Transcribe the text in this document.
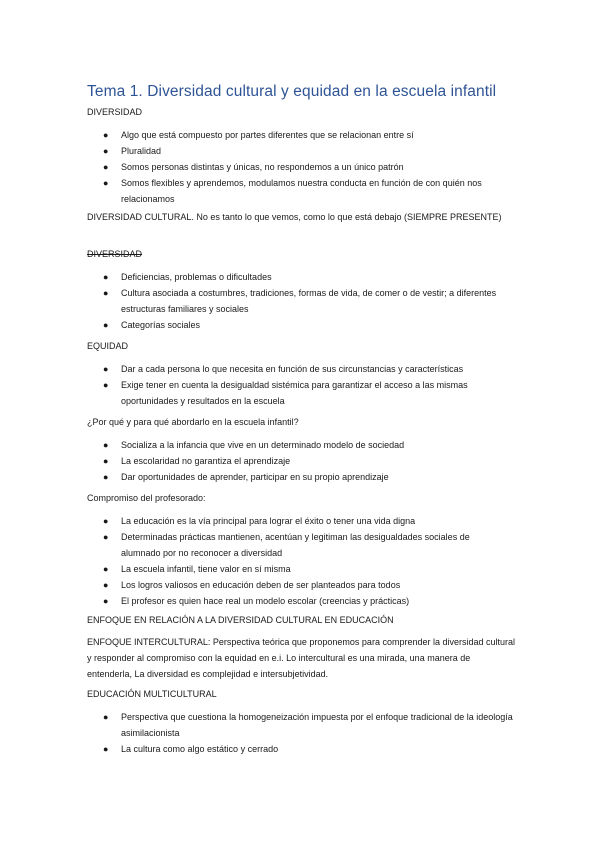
Tema 1. Diversidad cultural y equidad en la escuela infantil
DIVERSIDAD
● Algo que está compuesto por partes diferentes que se relacionan entre sí
● Pluralidad
● Somos personas distintas y únicas, no respondemos a un único patrón
● Somos flexibles y aprendemos, modulamos nuestra conducta en función de con quién nos relacionamos
DIVERSIDAD CULTURAL. No es tanto lo que vemos, como lo que está debajo (SIEMPRE PRESENTE)
DIVERSIDAD
● Deficiencias, problemas o dificultades
● Cultura asociada a costumbres, tradiciones, formas de vida, de comer o de vestir; a diferentes estructuras familiares y sociales
● Categorías sociales
EQUIDAD
● Dar a cada persona lo que necesita en función de sus circunstancias y características
● Exige tener en cuenta la desigualdad sistémica para garantizar el acceso a las mismas oportunidades y resultados en la escuela
¿Por qué y para qué abordarlo en la escuela infantil?
● Socializa a la infancia que vive en un determinado modelo de sociedad
● La escolaridad no garantiza el aprendizaje
● Dar oportunidades de aprender, participar en su propio aprendizaje
Compromiso del profesorado:
● La educación es la vía principal para lograr el éxito o tener una vida digna
● Determinadas prácticas mantienen, acentúan y legitiman las desigualdades sociales de alumnado por no reconocer a diversidad
● La escuela infantil, tiene valor en sí misma
● Los logros valiosos en educación deben de ser planteados para todos
● El profesor es quien hace real un modelo escolar (creencias y prácticas)
ENFOQUE EN RELACIÓN A LA DIVERSIDAD CULTURAL EN EDUCACIÓN
ENFOQUE INTERCULTURAL: Perspectiva teórica que proponemos para comprender la diversidad cultural y responder al compromiso con la equidad en e.i. Lo intercultural es una mirada, una manera de entenderla, La diversidad es complejidad e intersubjetividad.
EDUCACIÓN MULTICULTURAL
● Perspectiva que cuestiona la homogeneización impuesta por el enfoque tradicional de la ideología asimilacionista
● La cultura como algo estático y cerrado
